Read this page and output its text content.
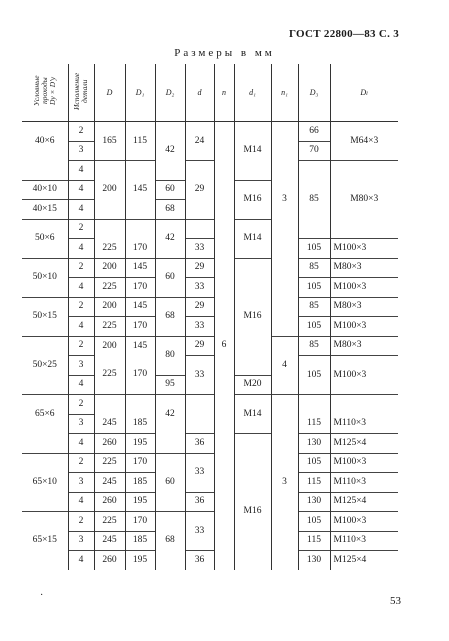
ГОСТ 22800—83 С. 3
Размеры в мм
Условные проходы Dy×D'y	Исполнение детали	D	D₁	D₂	d	n	d₁	n₁	D₃	Dₗ
40×6	2	165	115	42	24	6	M14	3	66	M64×3
	3								70	
	4	200	145		29				85	M80×3
40×10	4			60			M16			
40×15	4			68						
50×6	2			42			M14			
	4	225	170		33				105	M100×3
50×10	2	200	145	60	29		M16		85	M80×3
	4	225	170		33				105	M100×3
50×15	2	200	145	68	29				85	M80×3
	4	225	170		33				105	M100×3
50×25	2	200	145	80	29			4	85	M80×3
	3	225	170		33				105	M100×3
	4			95			M20			
65×6	2			42			M14	3		
	3	245	185						115	M110×3
	4	260	195		36				130	M125×4
65×10	2	225	170	60	33		M16		105	M100×3
	3	245	185						115	M110×3
	4	260	195		36				130	M125×4
65×15	2	225	170	68	33				105	M100×3
	3	245	185						115	M110×3
	4	260	195		36				130	M125×4
·	53
